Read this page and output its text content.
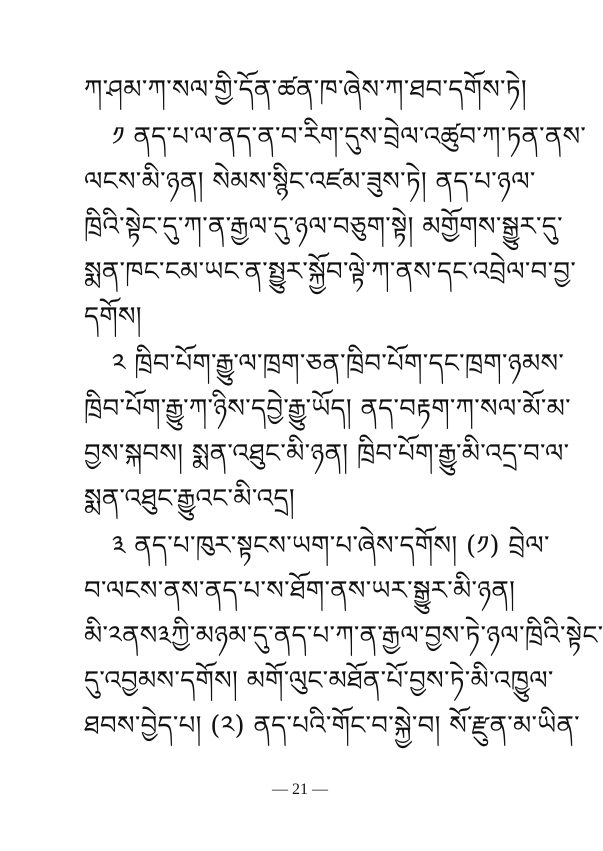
ཀ་ཤམ་ཀ་སལ་གྱི་དོན་ཚན་ཁ་ཞེས་ཀ་ཐབ་དགོས་ཏེ།
༡ ནད་པ་ལ་ནད་ན་བ་རིག་དུས་བྲེལ་འཚུབ་ཀ་ཏན་ནས་
ལངས་མི་ཉན། སེམས་སྙིང་འཛམ་ཟུས་ཏེ། ནད་པ་ཉལ་
ཁྲིའི་སྟེང་དུ་ཀ་ན་རྒྱལ་དུ་ཉལ་བཅུག་སྟེ། མགྱོགས་སྒྱུར་དུ་
སྨན་ཁང་ངམ་ཡང་ན་སྤྱུར་སྐྱོབ་ལྟེ་ཀ་ནས་དང་འབྲེལ་བ་བྱ་
དགོས།
༢ ཁྲིབ་པོག་རྒྱུ་ལ་ཁྲག་ཅན་ཁྲིབ་པོག་དང་ཁྲག་ཉམས་
ཁྲིབ་པོག་རྒྱུ་ཀ་ཉིས་དབྱེ་རྒྱུ་ཡོད། ནད་བརྟག་ཀ་སལ་མོ་མ་
བྱས་སྐབས། སྨན་འཐུང་མི་ཉན། ཁྲིབ་པོག་རྒྱུ་མི་འདྲ་བ་ལ་
སྨན་འཐུང་རྒྱུའང་མི་འདྲ།
༣ ནད་པ་ཁུར་སྟངས་ཡག་པ་ཞེས་དགོས། (༡) བྲེལ་
བ་ལངས་ནས་ནད་པ་ས་ཐོག་ནས་ཡར་སྒྱུར་མི་ཉན།
མི་༢ནས༣ཀྱི་མཉམ་དུ་ནད་པ་ཀ་ན་རྒྱལ་བྱས་ཏེ་ཉལ་ཁྲིའི་སྟེང་
དུ་འབྱམས་དགོས། མགོ་ལུང་མཐོན་པོ་བྱས་ཏེ་མི་འཁྱུལ་
ཐབས་བྱེད་པ། (༢) ནད་པའི་གོང་བ་སྐྱེ་བ། སོ་རྫུན་མ་ཡིན་
— 21 —
